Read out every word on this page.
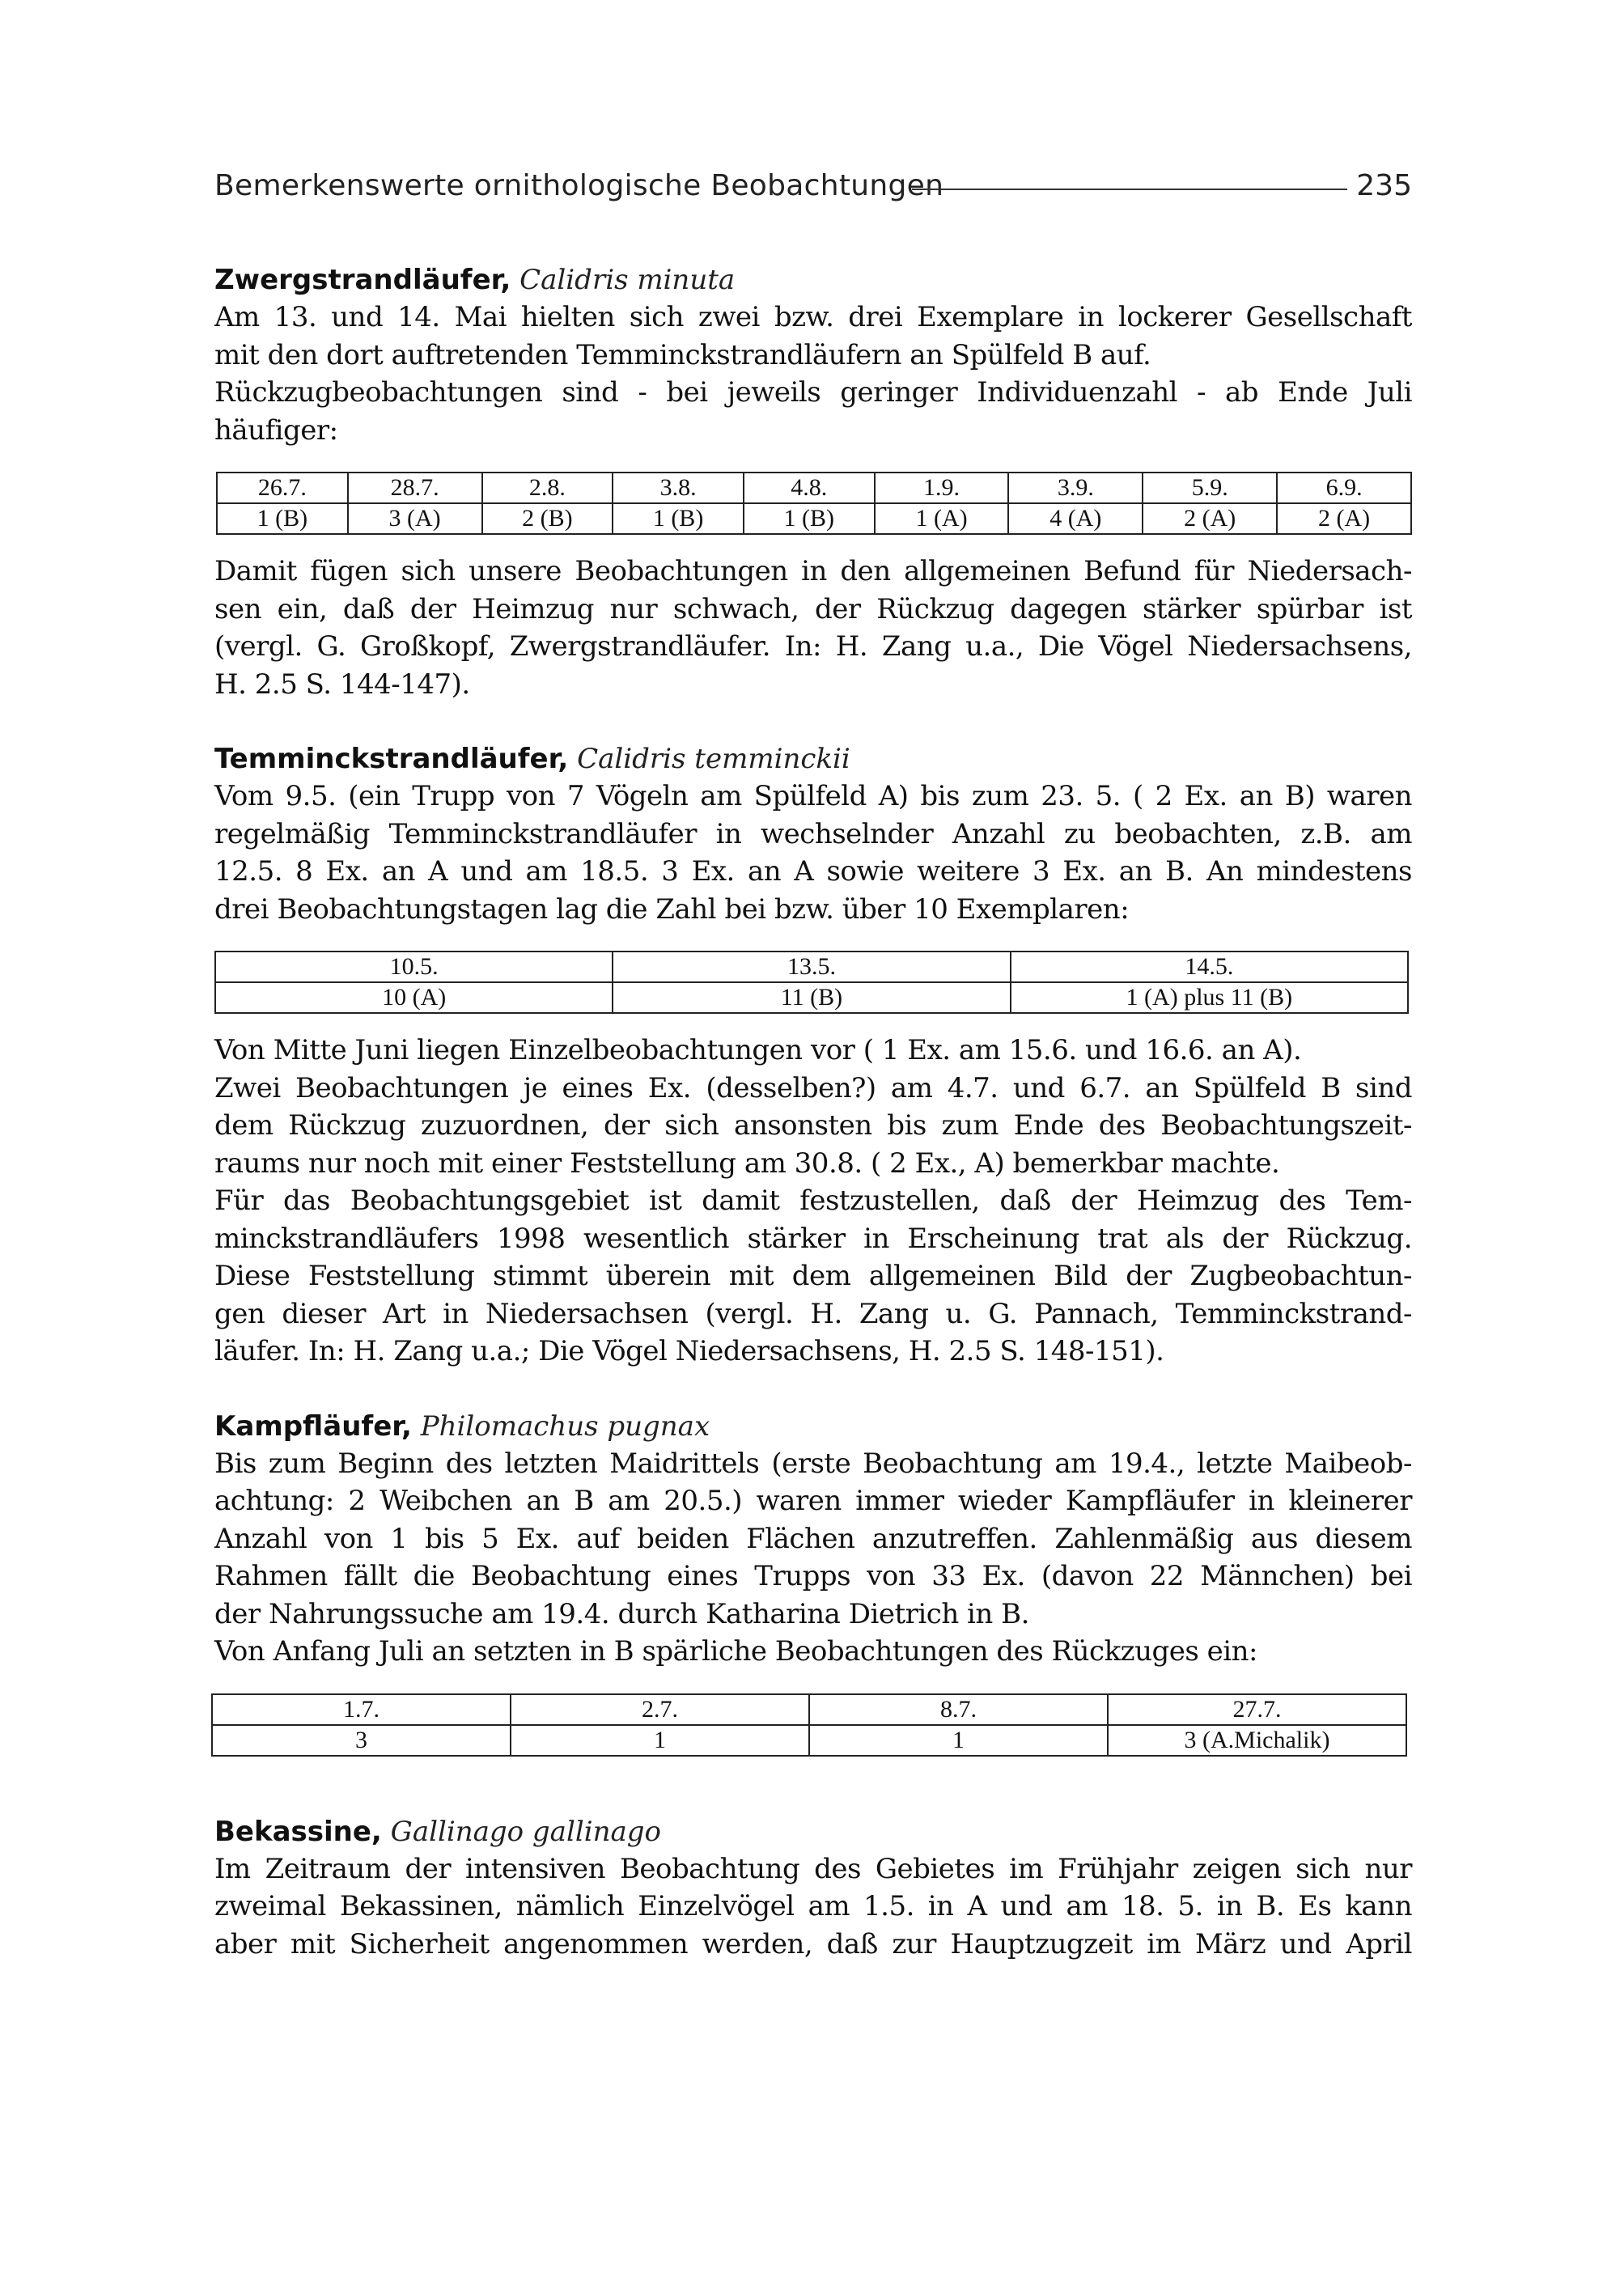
Bemerkenswerte ornithologische Beobachtungen	235
Zwergstrandläufer, Calidris minuta

Am 13. und 14. Mai hielten sich zwei bzw. drei Exemplare in lockerer Gesellschaft
mit den dort auftretenden Temminckstrandläufern an Spülfeld B auf.
Rückzugbeobachtungen sind - bei jeweils geringer Individuenzahl - ab Ende Juli
häufiger:

26.7.	28.7.	2.8.	3.8.	4.8.	1.9.	3.9.	5.9.	6.9.
1 (B)	3 (A)	2 (B)	1 (B)	1 (B)	1 (A)	4 (A)	2 (A)	2 (A)

Damit fügen sich unsere Beobachtungen in den allgemeinen Befund für Niedersach-
sen ein, daß der Heimzug nur schwach, der Rückzug dagegen stärker spürbar ist
(vergl. G. Großkopf, Zwergstrandläufer. In: H. Zang u.a., Die Vögel Niedersachsens,
H. 2.5 S. 144-147).

Temminckstrandläufer, Calidris temminckii

Vom 9.5. (ein Trupp von 7 Vögeln am Spülfeld A) bis zum 23. 5. ( 2 Ex. an B) waren
regelmäßig Temminckstrandläufer in wechselnder Anzahl zu beobachten, z.B. am
12.5. 8 Ex. an A und am 18.5. 3 Ex. an A sowie weitere 3 Ex. an B. An mindestens
drei Beobachtungstagen lag die Zahl bei bzw. über 10 Exemplaren:

10.5.	13.5.	14.5.
10 (A)	11 (B)	1 (A) plus 11 (B)

Von Mitte Juni liegen Einzelbeobachtungen vor ( 1 Ex. am 15.6. und 16.6. an A).
Zwei Beobachtungen je eines Ex. (desselben?) am 4.7. und 6.7. an Spülfeld B sind
dem Rückzug zuzuordnen, der sich ansonsten bis zum Ende des Beobachtungszeit-
raums nur noch mit einer Feststellung am 30.8. ( 2 Ex., A) bemerkbar machte.
Für das Beobachtungsgebiet ist damit festzustellen, daß der Heimzug des Tem-
minckstrandläufers 1998 wesentlich stärker in Erscheinung trat als der Rückzug.
Diese Feststellung stimmt überein mit dem allgemeinen Bild der Zugbeobachtun-
gen dieser Art in Niedersachsen (vergl. H. Zang u. G. Pannach, Temminckstrand-
läufer. In: H. Zang u.a.; Die Vögel Niedersachsens, H. 2.5 S. 148-151).

Kampfläufer, Philomachus pugnax

Bis zum Beginn des letzten Maidrittels (erste Beobachtung am 19.4., letzte Maibeob-
achtung: 2 Weibchen an B am 20.5.) waren immer wieder Kampfläufer in kleinerer
Anzahl von 1 bis 5 Ex. auf beiden Flächen anzutreffen. Zahlenmäßig aus diesem
Rahmen fällt die Beobachtung eines Trupps von 33 Ex. (davon 22 Männchen) bei
der Nahrungssuche am 19.4. durch Katharina Dietrich in B.
Von Anfang Juli an setzten in B spärliche Beobachtungen des Rückzuges ein:

1.7.	2.7.	8.7.	27.7.
3	1	1	3 (A.Michalik)
Bekassine, Gallinago gallinago

Im Zeitraum der intensiven Beobachtung des Gebietes im Frühjahr zeigen sich nur
zweimal Bekassinen, nämlich Einzelvögel am 1.5. in A und am 18. 5. in B. Es kann
aber mit Sicherheit angenommen werden, daß zur Hauptzugzeit im März und April
